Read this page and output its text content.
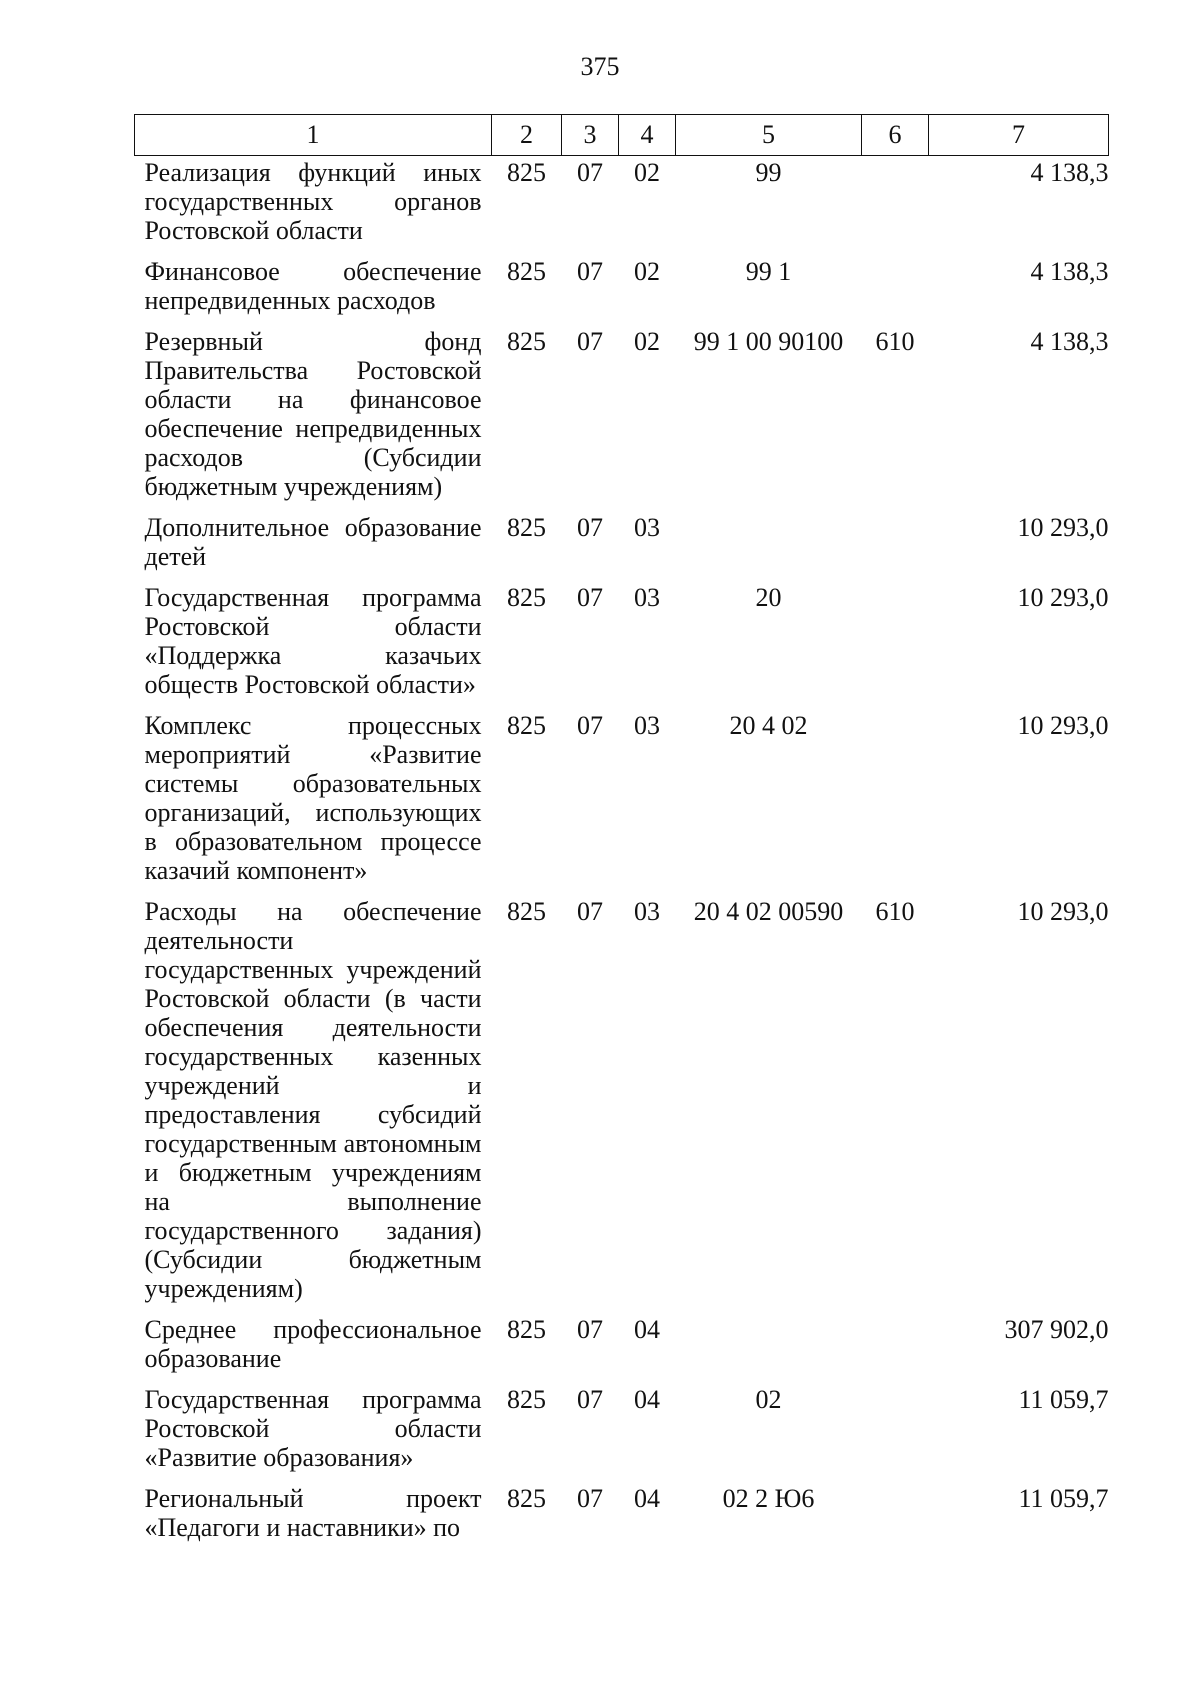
375
1	2	3	4	5	6	7
Реализация функций иных государственных органов Ростовской области	825	07	02	99		4 138,3
Финансовое обеспечение непредвиденных расходов	825	07	02	99 1		4 138,3
Резервный фонд Правительства Ростовской области на финансовое обеспечение непредвиденных расходов (Субсидии бюджетным учреждениям)	825	07	02	99 1 00 90100	610	4 138,3
Дополнительное образование детей	825	07	03			10 293,0
Государственная программа Ростовской области «Поддержка казачьих обществ Ростовской области»	825	07	03	20		10 293,0
Комплекс процессных мероприятий «Развитие системы образовательных организаций, использующих в образовательном процессе казачий компонент»	825	07	03	20 4 02		10 293,0
Расходы на обеспечение деятельности государственных учреждений Ростовской области (в части обеспечения деятельности государственных казенных учреждений и предоставления субсидий государственным автономным и бюджетным учреждениям на выполнение государственного задания) (Субсидии бюджетным учреждениям)	825	07	03	20 4 02 00590	610	10 293,0
Среднее профессиональное образование	825	07	04			307 902,0
Государственная программа Ростовской области «Развитие образования»	825	07	04	02		11 059,7
Региональный проект «Педагоги и наставники» по	825	07	04	02 2 Ю6		11 059,7
